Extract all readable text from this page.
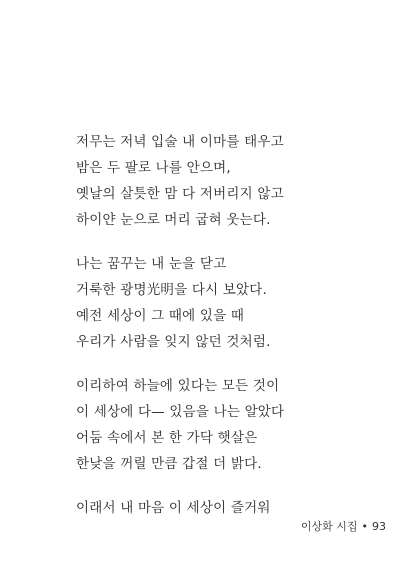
저무는 저녁 입술 내 이마를 태우고
밤은 두 팔로 나를 안으며,
옛날의 살틋한 맘 다 저버리지 않고
하이얀 눈으로 머리 굽혀 웃는다.
나는 꿈꾸는 내 눈을 닫고
거룩한 광명光明을 다시 보았다.
예전 세상이 그 때에 있을 때
우리가 사람을 잊지 않던 것처럼.
이리하여 하늘에 있다는 모든 것이
이 세상에 다— 있음을 나는 알았다
어둠 속에서 본 한 가닥 햇살은
한낮을 꺼릴 만큼 갑절 더 밝다.
이래서 내 마음 이 세상이 즐거워
이상화 시집 • 93
